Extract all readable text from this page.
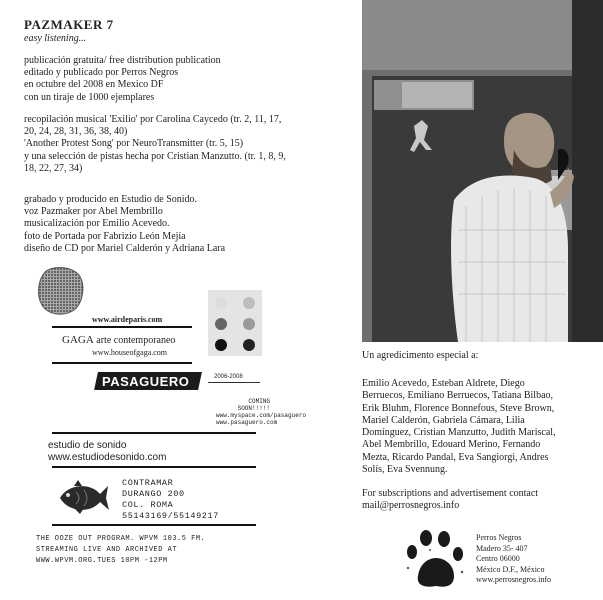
PAZMAKER 7
easy listening...
publicación gratuita/ free distribution publication
editado y publicado por Perros Negros
en octubre del 2008 en Mexico DF
con un tiraje de 1000 ejemplares
recopilación musical 'Exilio' por Carolina Caycedo (tr. 2, 11, 17,
20, 24, 28, 31, 36, 38, 40)
'Another Protest Song' por NeuroTransmitter (tr. 5, 15)
y una selección de pistas hecha por Cristian Manzutto. (tr. 1, 8, 9,
18, 22, 27, 34)
grabado y producido en Estudio de Sonido.
voz Pazmaker por Abel Membrillo
musicalización por Emilio Acevedo.
foto de Portada por Fabrizio León Mejía
diseño de CD por Mariel Calderón y Adriana Lara
www.airdeparis.com
GAGA arte contemporaneo
www.houseofgaga.com
PASAGUERO	2006-2008
COMING SOON!!!!!
www.myspace.com/pasaguero
www.pasaguero.com
estudio de sonido
www.estudiodesonido.com
CONTRAMAR
DURANGO 200
COL. ROMA
55143169/55149217
THE OOZE OUT PROGRAM. WPVM 103.5 FM.
STREAMING LIVE AND ARCHIVED AT
WWW.WPVM.ORG.TUES 10PM -12PM
Un agredicimento especial a:
Emilio Acevedo, Esteban Aldrete, Diego
Berruecos, Emiliano Berruecos, Tatiana Bilbao,
Erik Bluhm, Florence Bonnefous, Steve Brown,
Mariel Calderón, Gabriela Cámara, Lilia
Domínguez, Cristian Manzutto, Judith Mariscal,
Abel Membrillo, Edouard Merino, Fernando
Mezta, Ricardo Pandal, Eva Sangiorgi, Andres
Solís, Eva Svennung.
For subscriptions and advertisement contact
mail@perrosnegros.info
Perros Negros
Madero 35- 407
Centro 06000
México D.F., México
www.perrosnegros.info
